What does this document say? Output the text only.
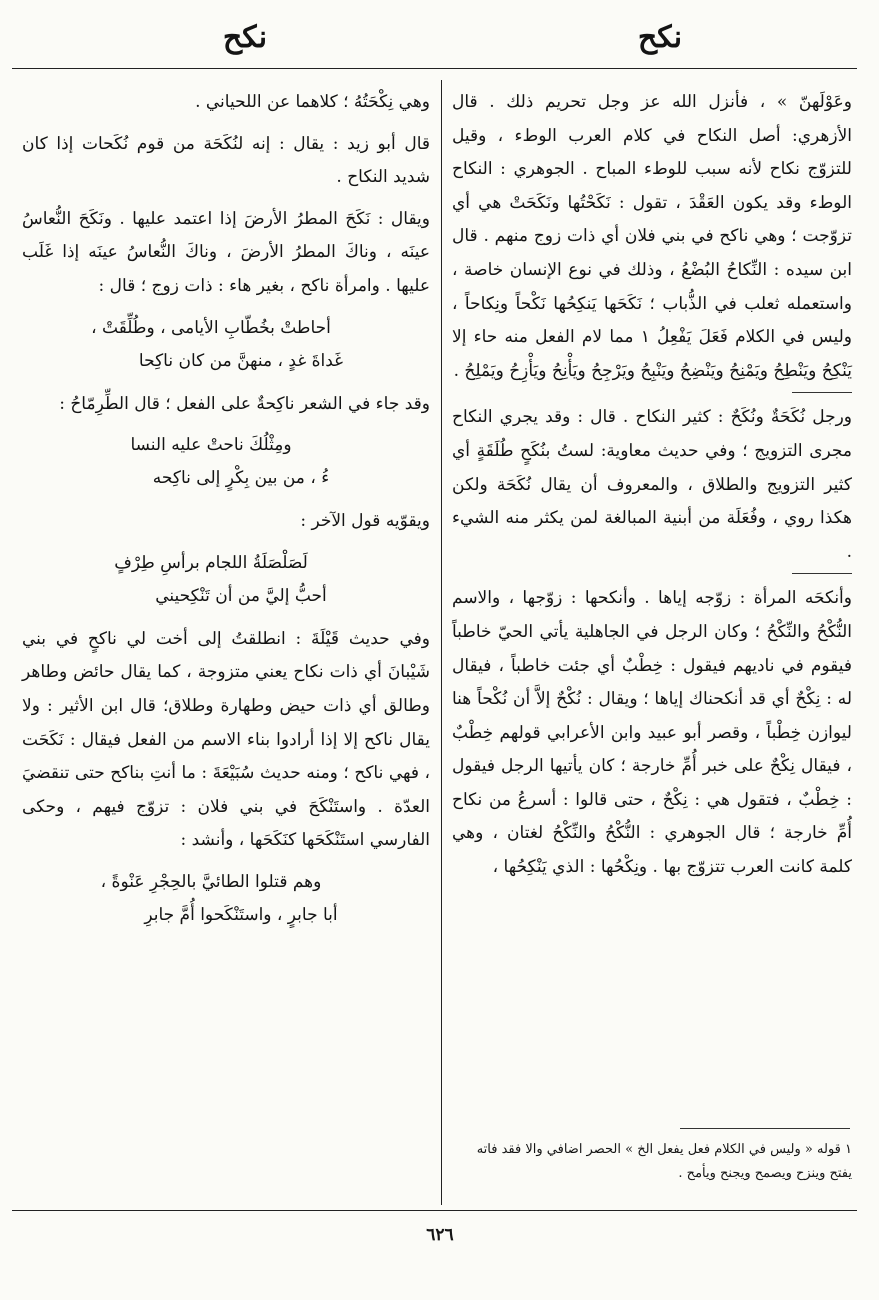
نكح
نكح

وعَوْلَهنّ » ، فأنزل الله عز وجل تحريم ذلك . قال الأزهري: أصل النكاح في كلام العرب الوطء ، وقيل للتزوّج نكاح لأنه سبب للوطء المباح . الجوهري : النكاح الوطء وقد يكون العَقْدَ ، تقول : نَكَحْتُها ونَكَحَتْ هي أي تزوّجت ؛ وهي ناكح في بني فلان أي ذات زوج منهم . قال ابن سيده : النِّكاحُ البُضْعُ ، وذلك في نوع الإنسان خاصة ، واستعمله ثعلب في الذُّباب ؛ نَكَحَها يَنكِحُها نَكْحاً ونِكاحاً ، وليس في الكلام فَعَلَ يَفْعِلُ ١ مما لام الفعل منه حاء إلا يَنْكِحُ ويَنْطِحُ ويَمْنِحُ ويَنْضِحُ ويَنْبِحُ ويَرْجِحُ ويَأْنِحُ ويَأْزِحُ ويَمْلِحُ .

ورجل نُكَحَةٌ ونُكَحٌ : كثير النكاح . قال : وقد يجري النكاح مجرى التزويج ؛ وفي حديث معاوية: لستُ بنُكَحٍ طُلَقَةٍ أي كثير التزويج والطلاق ، والمعروف أن يقال نُكَحَة ولكن هكذا روي ، وفُعَلَة من أبنية المبالغة لمن يكثر منه الشيء .

وأنكحَه المرأة : زوّجه إياها . وأنكحها : زوّجها ، والاسم النُّكْحُ والنِّكْحُ ؛ وكان الرجل في الجاهلية يأتي الحيّ خاطباً فيقوم في ناديهم فيقول : خِطْبٌ أي جئت خاطباً ، فيقال له : نِكْحٌ أي قد أنكحناك إياها ؛ ويقال : نُكْحٌ إلاَّ أن نُكْحاً هنا ليوازن خِطْباً ، وقصر أبو عبيد وابن الأعرابي قولهم خِطْبٌ ، فيقال نِكْحٌ على خبر أُمِّ خارجة ؛ كان يأتيها الرجل فيقول : خِطْبٌ ، فتقول هي : نِكْحٌ ، حتى قالوا : أسرعُ من نكاح أُمِّ خارجة ؛ قال الجوهري : النُّكْحُ والنِّكْحُ لغتان ، وهي كلمة كانت العرب تتزوّج بها . ونِكْحُها : الذي يَنْكِحُها ،

١ قوله « وليس في الكلام فعل يفعل الخ » الحصر اضافي والا فقد فاته يفتح وينزح ويصمح ويجنح ويأمح .

وهي نِكْحَتُهُ ؛ كلاهما عن اللحياني .

قال أبو زيد : يقال : إنه لنُكَحَة من قوم نُكَحات إذا كان شديد النكاح .

ويقال : نَكَحَ المطرُ الأرضَ إذا اعتمد عليها . ونَكَحَ النُّعاسُ عينَه ، وناكَ المطرُ الأرضَ ، وناكَ النُّعاسُ عينَه إذا غَلَب عليها . وامرأة ناكح ، بغير هاء : ذات زوج ؛ قال :

أحاطتْ بخُطّابِ الأيامى ، وطُلِّقَتْ ،
غَداةَ غدٍ ، منهنَّ من كان ناكِحا

وقد جاء في الشعر ناكِحةٌ على الفعل ؛ قال الطِّرِمّاحُ :

ومِثْلُكَ ناحتْ عليه النسا
ءُ ، من بين بِكْرٍ إلى ناكِحه

ويقوّيه قول الآخر :

لَصَلْصَلَةُ اللجام برأسِ طِرْفٍ
أحبُّ إليَّ من أن تَنْكِحيني

وفي حديث قَيْلَةَ : انطلقتُ إلى أخت لي ناكحٍ في بني شَيْبانَ أي ذات نكاح يعني متزوجة ، كما يقال حائض وطاهر وطالق أي ذات حيض وطهارة وطلاق؛ قال ابن الأثير : ولا يقال ناكح إلا إذا أرادوا بناء الاسم من الفعل فيقال : نَكَحَت ، فهي ناكح ؛ ومنه حديث سُبَيْعَةَ : ما أنتِ بناكح حتى تنقضيَ العدّة . واستَنْكَحَ في بني فلان : تزوّج فيهم ، وحكى الفارسي استَنْكَحَها كنَكَحَها ، وأنشد :

وهم قتلوا الطائيَّ بالحِجْرِ عَنْوةً ،
أبا جابرٍ ، واستَنْكَحوا أُمَّ جابرِ
٦٢٦
